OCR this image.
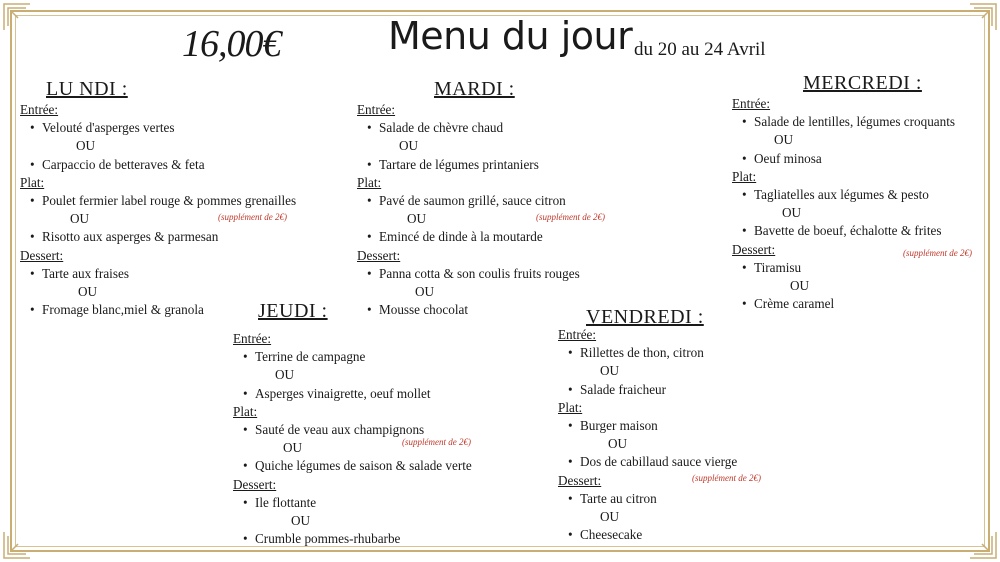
16,00€	Menu du jour du 20 au 24 Avril
LU NDI :
Entrée:
• Velouté d'asperges vertes
OU
• Carpaccio de betteraves & feta
Plat:
• Poulet fermier label rouge & pommes grenailles
OU
• Risotto aux asperges & parmesan
Dessert:
• Tarte aux fraises
OU
• Fromage blanc,miel & granola
(supplément de 2€)
MARDI :
Entrée:
• Salade de chèvre chaud
OU
• Tartare de légumes printaniers
Plat:
• Pavé de saumon grillé, sauce citron
OU
• Emincé de dinde à la moutarde
Dessert:
• Panna cotta & son coulis fruits rouges
OU
• Mousse chocolat
(supplément de 2€)
MERCREDI :
Entrée:
• Salade de lentilles, légumes croquants
OU
• Oeuf minosa
Plat:
• Tagliatelles aux légumes & pesto
OU
• Bavette de boeuf, échalotte & frites
Dessert:
• Tiramisu
OU
• Crème caramel
(supplément de 2€)
JEUDI :
Entrée:
• Terrine de campagne
OU
• Asperges vinaigrette, oeuf mollet
Plat:
• Sauté de veau aux champignons
OU
• Quiche légumes de saison & salade verte
Dessert:
• Ile flottante
OU
• Crumble pommes-rhubarbe
(supplément de 2€)
VENDREDI :
Entrée:
• Rillettes de thon, citron
OU
• Salade fraicheur
Plat:
• Burger maison
OU
• Dos de cabillaud sauce vierge
Dessert:
• Tarte au citron
OU
• Cheesecake
(supplément de 2€)
